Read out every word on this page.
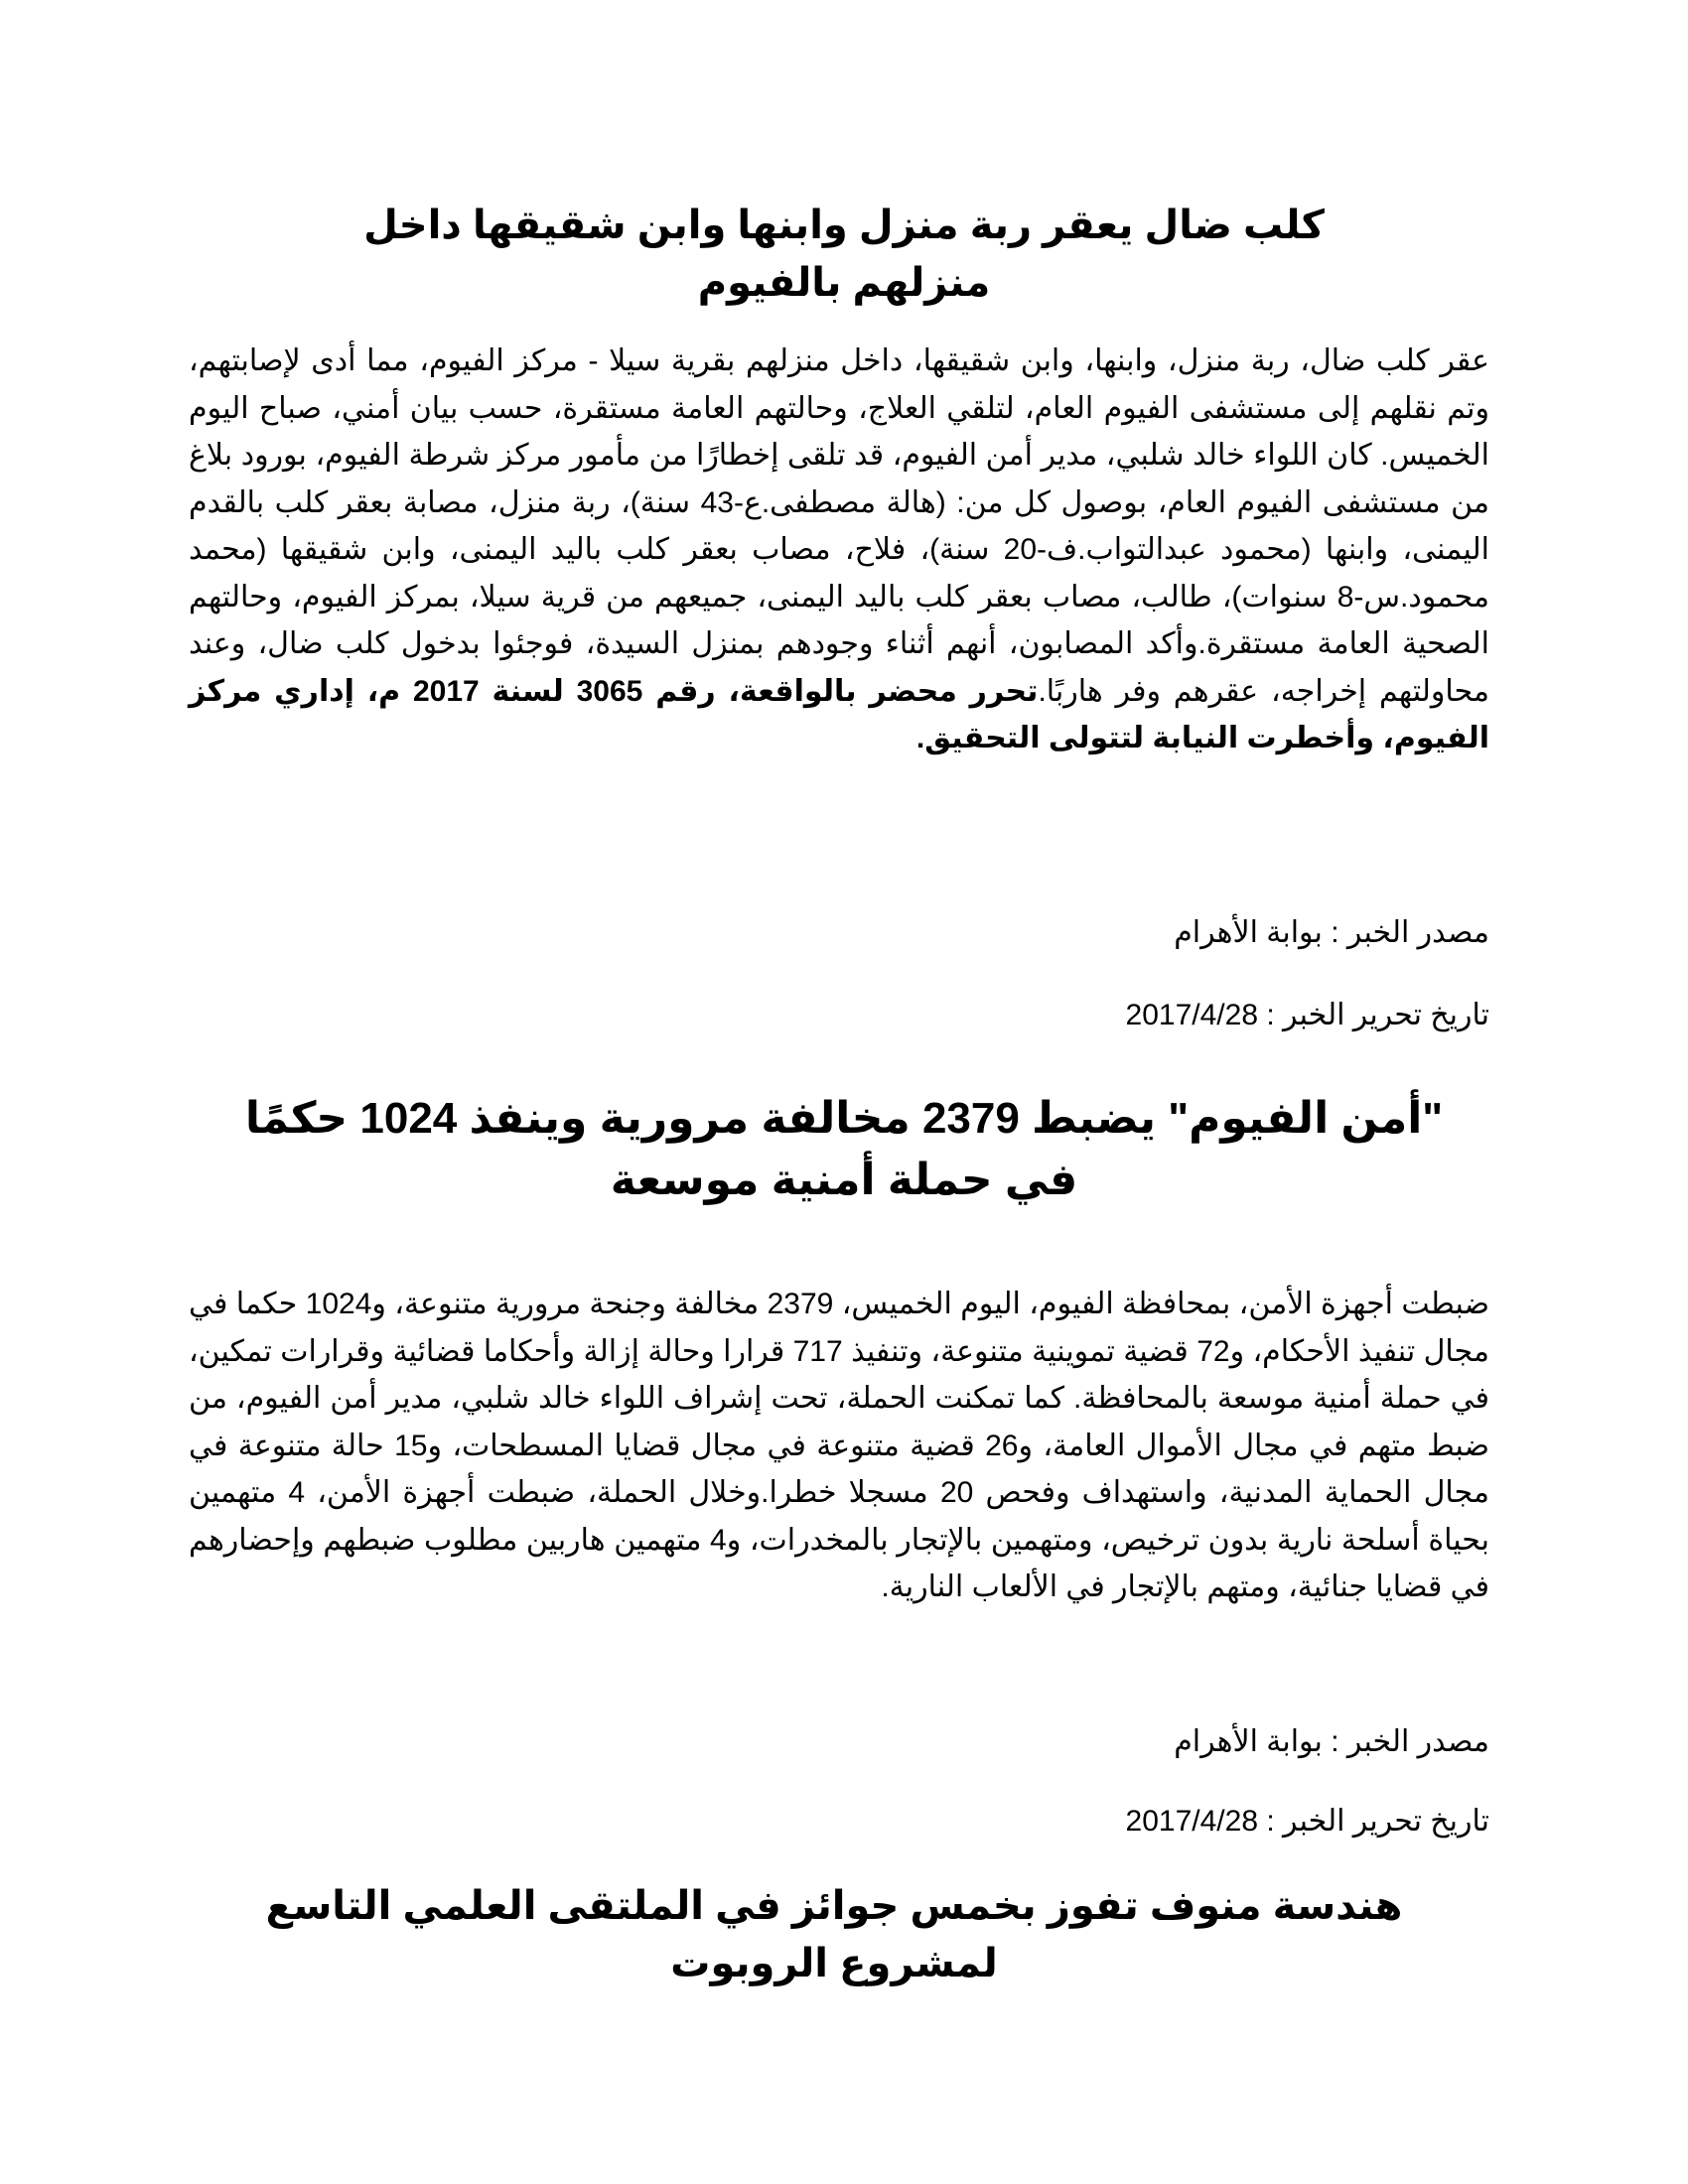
كلب ضال يعقر ربة منزل وابنها وابن شقيقها داخل منزلهم بالفيوم

عقر كلب ضال، ربة منزل، وابنها، وابن شقيقها، داخل منزلهم بقرية سيلا - مركز الفيوم، مما أدى لإصابتهم، وتم نقلهم إلى مستشفى الفيوم العام، لتلقي العلاج، وحالتهم العامة مستقرة، حسب بيان أمني، صباح اليوم الخميس. كان اللواء خالد شلبي، مدير أمن الفيوم، قد تلقى إخطارًا من مأمور مركز شرطة الفيوم، بورود بلاغ من مستشفى الفيوم العام، بوصول كل من: (هالة مصطفى.ع-43 سنة)، ربة منزل، مصابة بعقر كلب بالقدم اليمنى، وابنها (محمود عبدالتواب.ف-20 سنة)، فلاح، مصاب بعقر كلب باليد اليمنى، وابن شقيقها (محمد محمود.س-8 سنوات)، طالب، مصاب بعقر كلب باليد اليمنى، جميعهم من قرية سيلا، بمركز الفيوم، وحالتهم الصحية العامة مستقرة.وأكد المصابون، أنهم أثناء وجودهم بمنزل السيدة، فوجئوا بدخول كلب ضال، وعند محاولتهم إخراجه، عقرهم وفر هاربًا.تحرر محضر بالواقعة، رقم 3065 لسنة 2017 م، إداري مركز الفيوم، وأخطرت النيابة لتتولى التحقيق.

مصدر الخبر : بوابة الأهرام

تاريخ تحرير الخبر : 2017/4/28

"أمن الفيوم" يضبط 2379 مخالفة مرورية وينفذ 1024 حكمًا في حملة أمنية موسعة

ضبطت أجهزة الأمن، بمحافظة الفيوم، اليوم الخميس، 2379 مخالفة وجنحة مرورية متنوعة، و1024 حكما في مجال تنفيذ الأحكام، و72 قضية تموينية متنوعة، وتنفيذ 717 قرارا وحالة إزالة وأحكاما قضائية وقرارات تمكين، في حملة أمنية موسعة بالمحافظة. كما تمكنت الحملة، تحت إشراف اللواء خالد شلبي، مدير أمن الفيوم، من ضبط متهم في مجال الأموال العامة، و26 قضية متنوعة في مجال قضايا المسطحات، و15 حالة متنوعة في مجال الحماية المدنية، واستهداف وفحص 20 مسجلا خطرا.وخلال الحملة، ضبطت أجهزة الأمن، 4 متهمين بحياة أسلحة نارية بدون ترخيص، ومتهمين بالإتجار بالمخدرات، و4 متهمين هاربين مطلوب ضبطهم وإحضارهم في قضايا جنائية، ومتهم بالإتجار في الألعاب النارية.

مصدر الخبر : بوابة الأهرام

تاريخ تحرير الخبر : 2017/4/28

هندسة منوف تفوز بخمس جوائز في الملتقى العلمي التاسع لمشروع الروبوت
